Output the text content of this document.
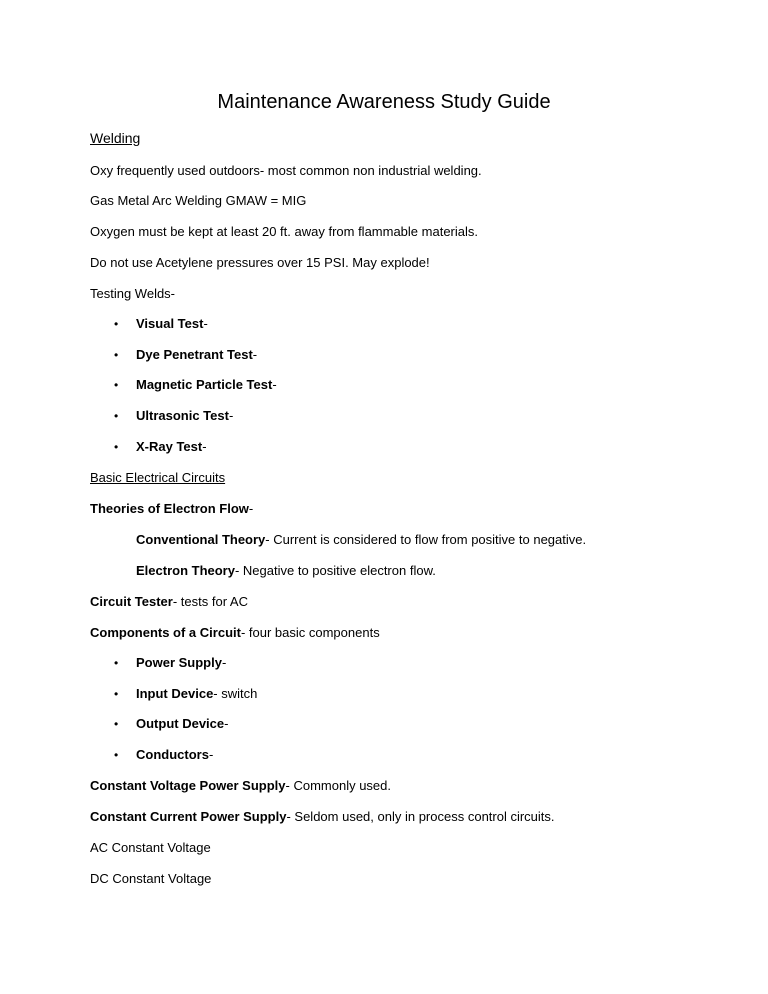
Maintenance Awareness Study Guide
Welding
Oxy frequently used outdoors- most common non industrial welding.
Gas Metal Arc Welding GMAW = MIG
Oxygen must be kept at least 20 ft. away from flammable materials.
Do not use Acetylene pressures over 15 PSI. May explode!
Testing Welds-
• Visual Test-
• Dye Penetrant Test-
• Magnetic Particle Test-
• Ultrasonic Test-
• X-Ray Test-
Basic Electrical Circuits
Theories of Electron Flow-
Conventional Theory- Current is considered to flow from positive to negative.
Electron Theory- Negative to positive electron flow.
Circuit Tester- tests for AC
Components of a Circuit- four basic components
• Power Supply-
• Input Device- switch
• Output Device-
• Conductors-
Constant Voltage Power Supply- Commonly used.
Constant Current Power Supply- Seldom used, only in process control circuits.
AC Constant Voltage
DC Constant Voltage
